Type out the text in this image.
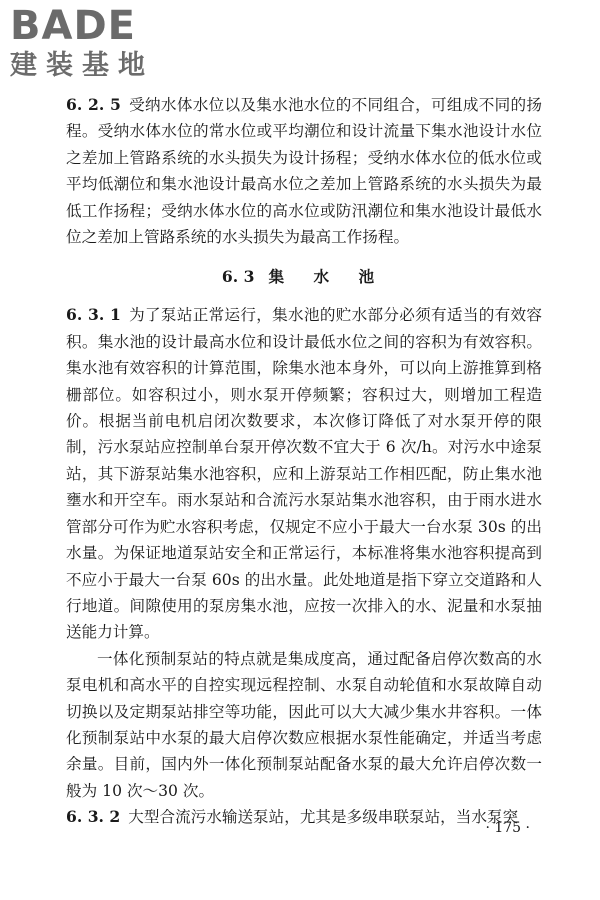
BADE
建装基地

6. 2. 5 受纳水体水位以及集水池水位的不同组合，可组成不同的扬程。受纳水体水位的常水位或平均潮位和设计流量下集水池设计水位之差加上管路系统的水头损失为设计扬程；受纳水体水位的低水位或平均低潮位和集水池设计最高水位之差加上管路系统的水头损失为最低工作扬程；受纳水体水位的高水位或防汛潮位和集水池设计最低水位之差加上管路系统的水头损失为最高工作扬程。

6. 3 集 水 池

6. 3. 1 为了泵站正常运行，集水池的贮水部分必须有适当的有效容积。集水池的设计最高水位和设计最低水位之间的容积为有效容积。集水池有效容积的计算范围，除集水池本身外，可以向上游推算到格栅部位。如容积过小，则水泵开停频繁；容积过大，则增加工程造价。根据当前电机启闭次数要求，本次修订降低了对水泵开停的限制，污水泵站应控制单台泵开停次数不宜大于 6 次/h。对污水中途泵站，其下游泵站集水池容积，应和上游泵站工作相匹配，防止集水池壅水和开空车。雨水泵站和合流污水泵站集水池容积，由于雨水进水管部分可作为贮水容积考虑，仅规定不应小于最大一台水泵 30s 的出水量。为保证地道泵站安全和正常运行，本标准将集水池容积提高到不应小于最大一台泵 60s 的出水量。此处地道是指下穿立交道路和人行地道。间隙使用的泵房集水池，应按一次排入的水、泥量和水泵抽送能力计算。

一体化预制泵站的特点就是集成度高，通过配备启停次数高的水泵电机和高水平的自控实现远程控制、水泵自动轮值和水泵故障自动切换以及定期泵站排空等功能，因此可以大大减少集水井容积。一体化预制泵站中水泵的最大启停次数应根据水泵性能确定，并适当考虑余量。目前，国内外一体化预制泵站配备水泵的最大允许启停次数一般为 10 次～30 次。

6. 3. 2 大型合流污水输送泵站，尤其是多级串联泵站，当水泵突

· 175 ·
